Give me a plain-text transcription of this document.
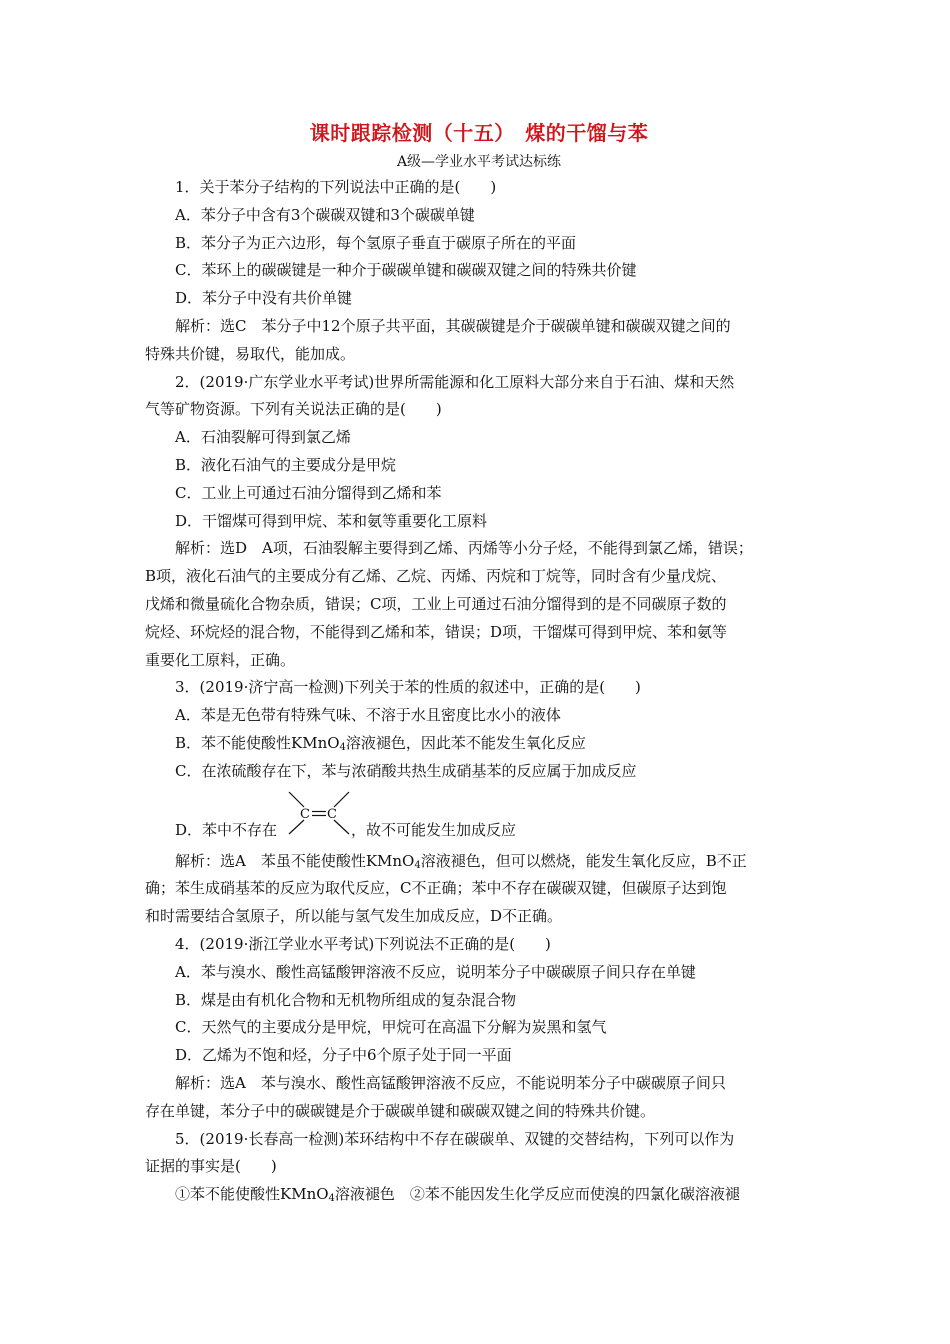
课时跟踪检测（十五）　煤的干馏与苯
A级—学业水平考试达标练
1．关于苯分子结构的下列说法中正确的是(　　)
A．苯分子中含有3个碳碳双键和3个碳碳单键
B．苯分子为正六边形，每个氢原子垂直于碳原子所在的平面
C．苯环上的碳碳键是一种介于碳碳单键和碳碳双键之间的特殊共价键
D．苯分子中没有共价单键
解析：选C　苯分子中12个原子共平面，其碳碳键是介于碳碳单键和碳碳双键之间的
特殊共价键，易取代，能加成。
2．(2019·广东学业水平考试)世界所需能源和化工原料大部分来自于石油、煤和天然
气等矿物资源。下列有关说法正确的是(　　)
A．石油裂解可得到氯乙烯
B．液化石油气的主要成分是甲烷
C．工业上可通过石油分馏得到乙烯和苯
D．干馏煤可得到甲烷、苯和氨等重要化工原料
解析：选D　A项，石油裂解主要得到乙烯、丙烯等小分子烃，不能得到氯乙烯，错误；
B项，液化石油气的主要成分有乙烯、乙烷、丙烯、丙烷和丁烷等，同时含有少量戊烷、
戊烯和微量硫化合物杂质，错误；C项，工业上可通过石油分馏得到的是不同碳原子数的
烷烃、环烷烃的混合物，不能得到乙烯和苯，错误；D项，干馏煤可得到甲烷、苯和氨等
重要化工原料，正确。
3．(2019·济宁高一检测)下列关于苯的性质的叙述中，正确的是(　　)
A．苯是无色带有特殊气味、不溶于水且密度比水小的液体
B．苯不能使酸性KMnO$_4$溶液褪色，因此苯不能发生氧化反应
C．在浓硫酸存在下，苯与浓硝酸共热生成硝基苯的反应属于加成反应
D．苯中不存在
C C
，故不可能发生加成反应
解析：选A　苯虽不能使酸性KMnO$_4$溶液褪色，但可以燃烧，能发生氧化反应，B不正
确；苯生成硝基苯的反应为取代反应，C不正确；苯中不存在碳碳双键，但碳原子达到饱
和时需要结合氢原子，所以能与氢气发生加成反应，D不正确。
4．(2019·浙江学业水平考试)下列说法不正确的是(　　)
A．苯与溴水、酸性高锰酸钾溶液不反应，说明苯分子中碳碳原子间只存在单键
B．煤是由有机化合物和无机物所组成的复杂混合物
C．天然气的主要成分是甲烷，甲烷可在高温下分解为炭黑和氢气
D．乙烯为不饱和烃，分子中6个原子处于同一平面
解析：选A　苯与溴水、酸性高锰酸钾溶液不反应，不能说明苯分子中碳碳原子间只
存在单键，苯分子中的碳碳键是介于碳碳单键和碳碳双键之间的特殊共价键。
5．(2019·长春高一检测)苯环结构中不存在碳碳单、双键的交替结构，下列可以作为
证据的事实是(　　)
①苯不能使酸性KMnO$_4$溶液褪色　②苯不能因发生化学反应而使溴的四氯化碳溶液褪
